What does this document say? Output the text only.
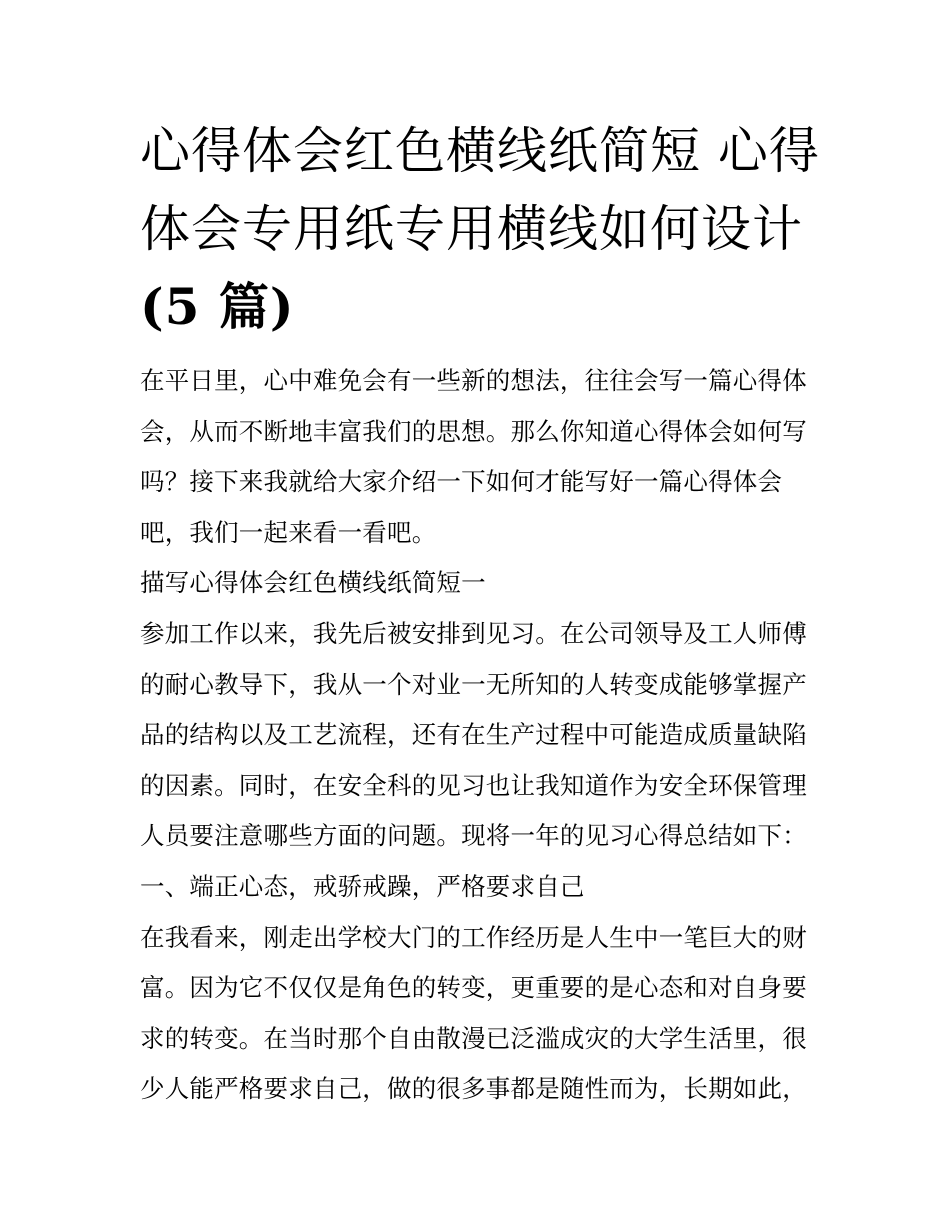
心得体会红色横线纸简短 心得
体会专用纸专用横线如何设计
(5 篇)
在平日里，心中难免会有一些新的想法，往往会写一篇心得体
会，从而不断地丰富我们的思想。那么你知道心得体会如何写
吗？接下来我就给大家介绍一下如何才能写好一篇心得体会
吧，我们一起来看一看吧。
描写心得体会红色横线纸简短一
参加工作以来，我先后被安排到见习。在公司领导及工人师傅
的耐心教导下，我从一个对业一无所知的人转变成能够掌握产
品的结构以及工艺流程，还有在生产过程中可能造成质量缺陷
的因素。同时，在安全科的见习也让我知道作为安全环保管理
人员要注意哪些方面的问题。现将一年的见习心得总结如下：
一、端正心态，戒骄戒躁，严格要求自己
在我看来，刚走出学校大门的工作经历是人生中一笔巨大的财
富。因为它不仅仅是角色的转变，更重要的是心态和对自身要
求的转变。在当时那个自由散漫已泛滥成灾的大学生活里，很
少人能严格要求自己，做的很多事都是随性而为，长期如此，
